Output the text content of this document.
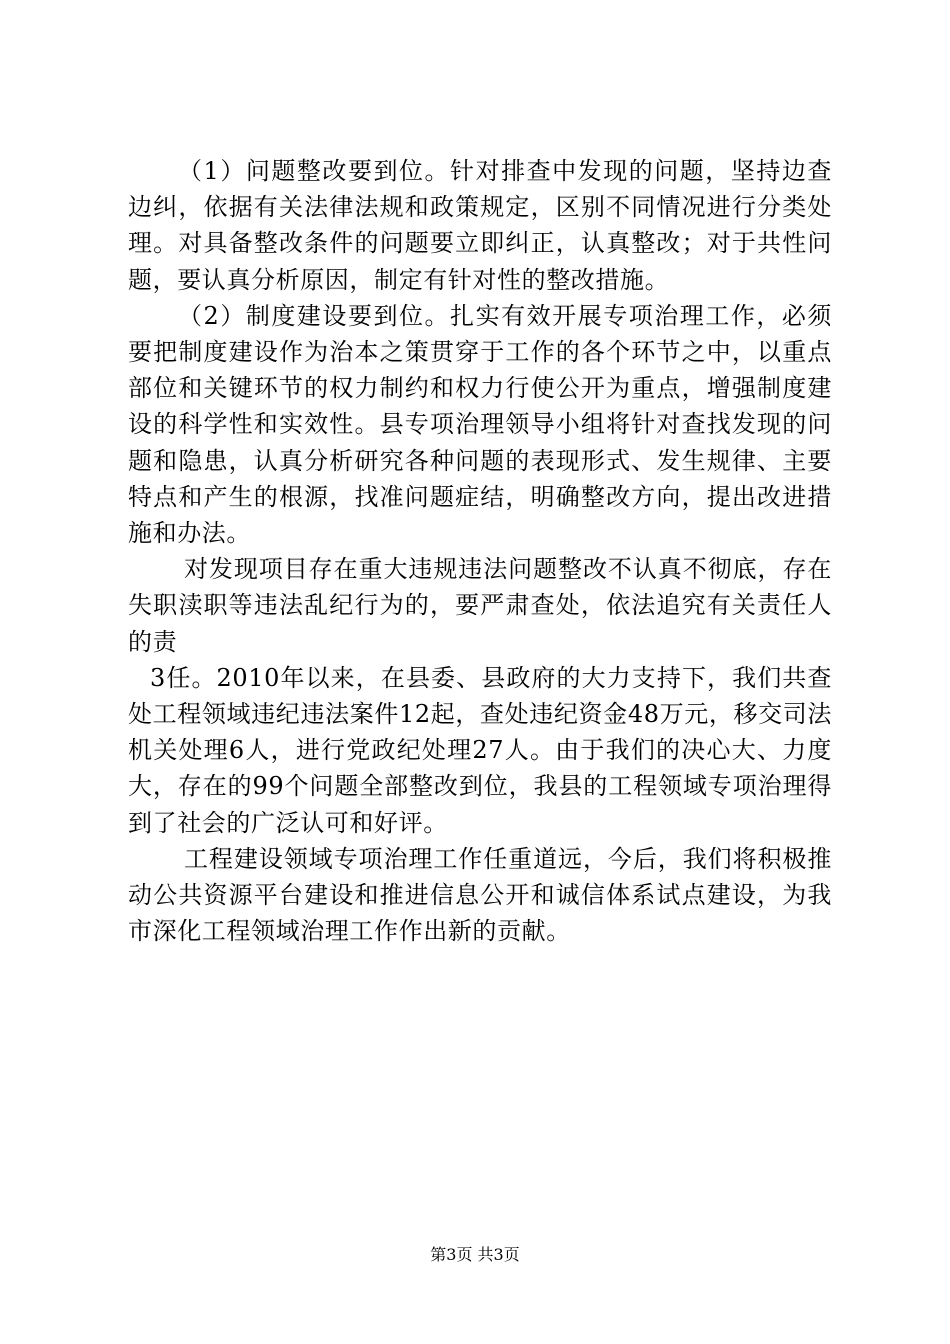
（1）问题整改要到位。针对排查中发现的问题，坚持边查边纠，依据有关法律法规和政策规定，区别不同情况进行分类处理。对具备整改条件的问题要立即纠正，认真整改；对于共性问题，要认真分析原因，制定有针对性的整改措施。

（2）制度建设要到位。扎实有效开展专项治理工作，必须要把制度建设作为治本之策贯穿于工作的各个环节之中，以重点部位和关键环节的权力制约和权力行使公开为重点，增强制度建设的科学性和实效性。县专项治理领导小组将针对查找发现的问题和隐患，认真分析研究各种问题的表现形式、发生规律、主要特点和产生的根源，找准问题症结，明确整改方向，提出改进措施和办法。

对发现项目存在重大违规违法问题整改不认真不彻底，存在失职渎职等违法乱纪行为的，要严肃查处，依法追究有关责任人的责

3任。2010年以来，在县委、县政府的大力支持下，我们共查处工程领域违纪违法案件12起，查处违纪资金48万元，移交司法机关处理6人，进行党政纪处理27人。由于我们的决心大、力度大，存在的99个问题全部整改到位，我县的工程领域专项治理得到了社会的广泛认可和好评。

工程建设领域专项治理工作任重道远，今后，我们将积极推动公共资源平台建设和推进信息公开和诚信体系试点建设，为我市深化工程领域治理工作作出新的贡献。

第3页 共3页
